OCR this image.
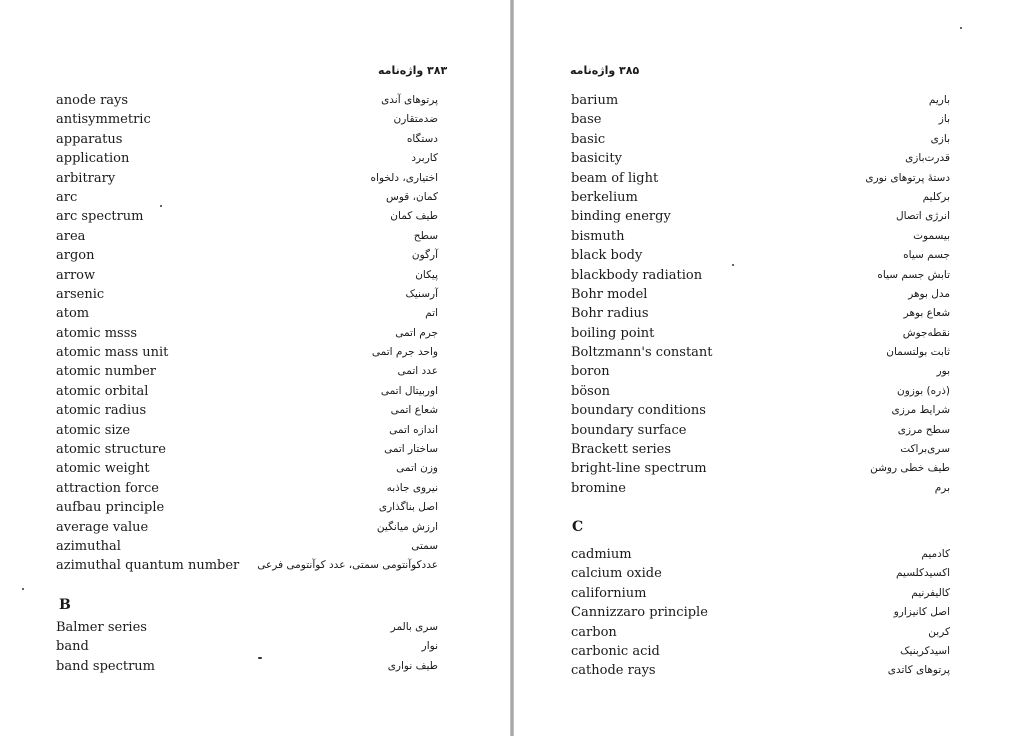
۳۸۳ واژه‌نامه
anode rays	پرتوهای آندی
antisymmetric	ضدمتقارن
apparatus	دستگاه
application	کاربرد
arbitrary	اختیاری، دلخواه
arc	کمان، قوس
arc spectrum	طیف کمان
area	سطح
argon	آرگون
arrow	پیکان
arsenic	آرسنیک
atom	اتم
atomic msss	جرم اتمی
atomic mass unit	واحد جرم اتمی
atomic number	عدد اتمی
atomic orbital	اوربیتال اتمی
atomic radius	شعاع اتمی
atomic size	اندازه اتمی
atomic structure	ساختار اتمی
atomic weight	وزن اتمی
attraction force	نیروی جاذبه
aufbau principle	اصل بناگذاری
average value	ارزش میانگین
azimuthal	سمتی
azimuthal quantum number عددکوآنتومی سمتی، عدد کوآنتومی فرعی
B
Balmer series	سری بالمر
band	نوار
band spectrum	طیف نواری
۳۸۵ واژه‌نامه
barium	باریم
base	باز
basic	بازی
basicity	قدرت‌بازی
beam of light	دستهٔ پرتوهای نوری
berkelium	برکلیم
binding energy	انرژی اتصال
bismuth	بیسموت
black body	جسم سیاه
blackbody radiation	تابش جسم سیاه
Bohr model	مدل بوهر
Bohr radius	شعاع بوهر
boiling point	نقطه‌جوش
Boltzmann's constant	ثابت بولتسمان
boron	بور
böson	(ذره) بوزون
boundary conditions	شرایط مرزی
boundary surface	سطح مرزی
Brackett series	سری‌براکت
bright-line spectrum	طیف خطی روشن
bromine	برم
C
cadmium	کادمیم
calcium oxide	اکسیدکلسیم
californium	کالیفرنیم
Cannizzaro principle	اصل کانیزارو
carbon	کربن
carbonic acid	اسیدکربنیک
cathode rays	پرتوهای کاتدی
